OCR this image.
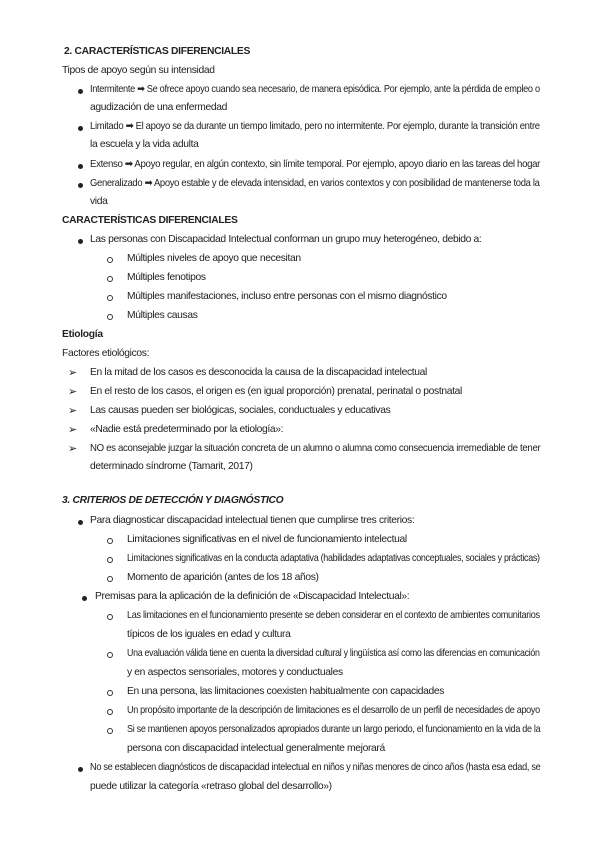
2. CARACTERÍSTICAS DIFERENCIALES
Tipos de apoyo según su intensidad
Intermitente ➡ Se ofrece apoyo cuando sea necesario, de manera episódica. Por ejemplo, ante la pérdida de empleo o
agudización de una enfermedad
Limitado ➡ El apoyo se da durante un tiempo limitado, pero no intermitente. Por ejemplo, durante la transición entre
la escuela y la vida adulta
Extenso ➡ Apoyo regular, en algún contexto, sin límite temporal. Por ejemplo, apoyo diario en las tareas del hogar
Generalizado ➡ Apoyo estable y de elevada intensidad, en varios contextos y con posibilidad de mantenerse toda la
vida
CARACTERÍSTICAS DIFERENCIALES
Las personas con Discapacidad Intelectual conforman un grupo muy heterogéneo, debido a:
Múltiples niveles de apoyo que necesitan
Múltiples fenotipos
Múltiples manifestaciones, incluso entre personas con el mismo diagnóstico
Múltiples causas
Etiología
Factores etiológicos:
➢ En la mitad de los casos es desconocida la causa de la discapacidad intelectual
➢ En el resto de los casos, el origen es (en igual proporción) prenatal, perinatal o postnatal
➢ Las causas pueden ser biológicas, sociales, conductuales y educativas
➢ «Nadie está predeterminado por la etiología»:
➢ NO es aconsejable juzgar la situación concreta de un alumno o alumna como consecuencia irremediable de tener
determinado síndrome (Tamarit, 2017)
3. CRITERIOS DE DETECCIÓN Y DIAGNÓSTICO
Para diagnosticar discapacidad intelectual tienen que cumplirse tres criterios:
Limitaciones significativas en el nivel de funcionamiento intelectual
Limitaciones significativas en la conducta adaptativa (habilidades adaptativas conceptuales, sociales y prácticas)
Momento de aparición (antes de los 18 años)
Premisas para la aplicación de la definición de «Discapacidad Intelectual»:
Las limitaciones en el funcionamiento presente se deben considerar en el contexto de ambientes comunitarios
típicos de los iguales en edad y cultura
Una evaluación válida tiene en cuenta la diversidad cultural y lingüística así como las diferencias en comunicación
y en aspectos sensoriales, motores y conductuales
En una persona, las limitaciones coexisten habitualmente con capacidades
Un propósito importante de la descripción de limitaciones es el desarrollo de un perfil de necesidades de apoyo
Si se mantienen apoyos personalizados apropiados durante un largo periodo, el funcionamiento en la vida de la
persona con discapacidad intelectual generalmente mejorará
No se establecen diagnósticos de discapacidad intelectual en niños y niñas menores de cinco años (hasta esa edad, se
puede utilizar la categoría «retraso global del desarrollo»)
